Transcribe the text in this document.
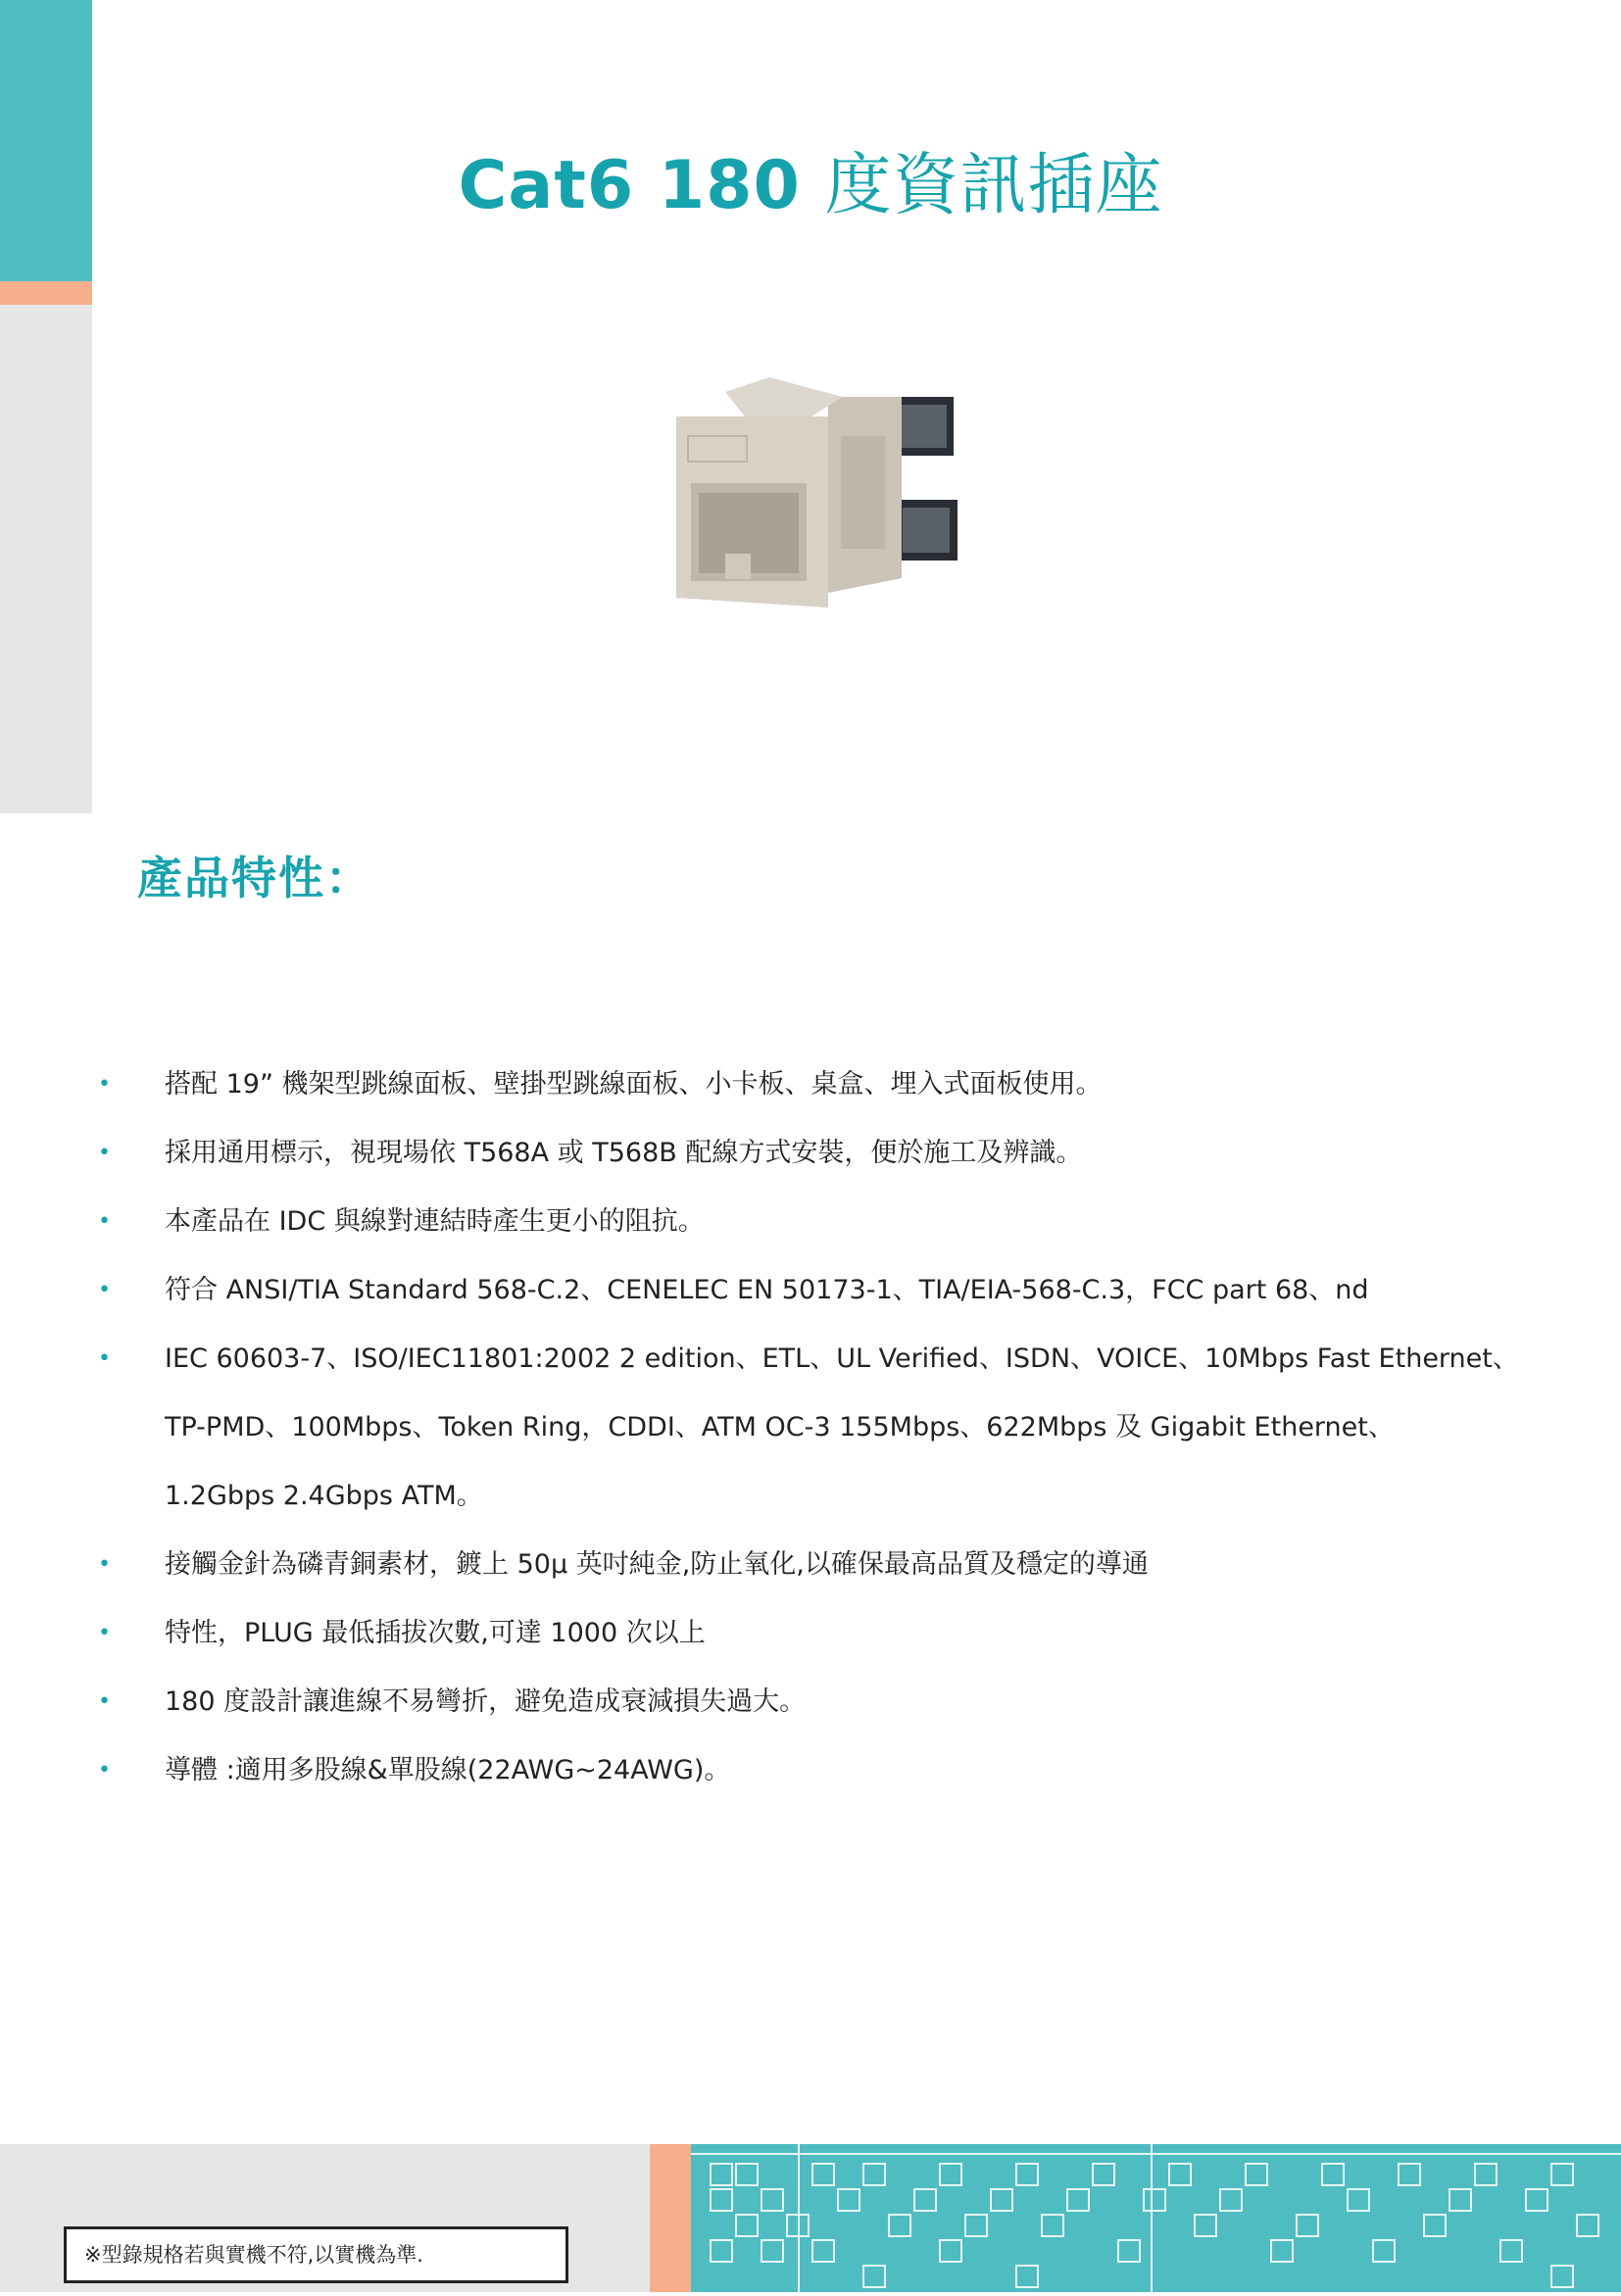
Cat6 180 度資訊插座
產品特性：
• 搭配 19” 機架型跳線面板、壁掛型跳線面板、小卡板、桌盒、埋入式面板使用。
• 採用通用標示，視現場依 T568A 或 T568B 配線方式安裝，便於施工及辨識。
• 本產品在 IDC 與線對連結時產生更小的阻抗。
• 符合 ANSI/TIA Standard 568-C.2、CENELEC EN 50173-1、TIA/EIA-568-C.3，FCC part 68、nd
• IEC 60603-7、ISO/IEC11801:2002 2 edition、ETL、UL Verified、ISDN、VOICE、10Mbps Fast Ethernet、
TP-PMD、100Mbps、Token Ring，CDDI、ATM OC-3 155Mbps、622Mbps 及 Gigabit Ethernet、
1.2Gbps 2.4Gbps ATM。
• 接觸金針為磷青銅素材，鍍上 50μ 英吋純金,防止氧化,以確保最高品質及穩定的導通
• 特性，PLUG 最低插拔次數,可達 1000 次以上
• 180 度設計讓進線不易彎折，避免造成衰減損失過大。
• 導體 :適用多股線&單股線(22AWG~24AWG)。
※型錄規格若與實機不符,以實機為準.
